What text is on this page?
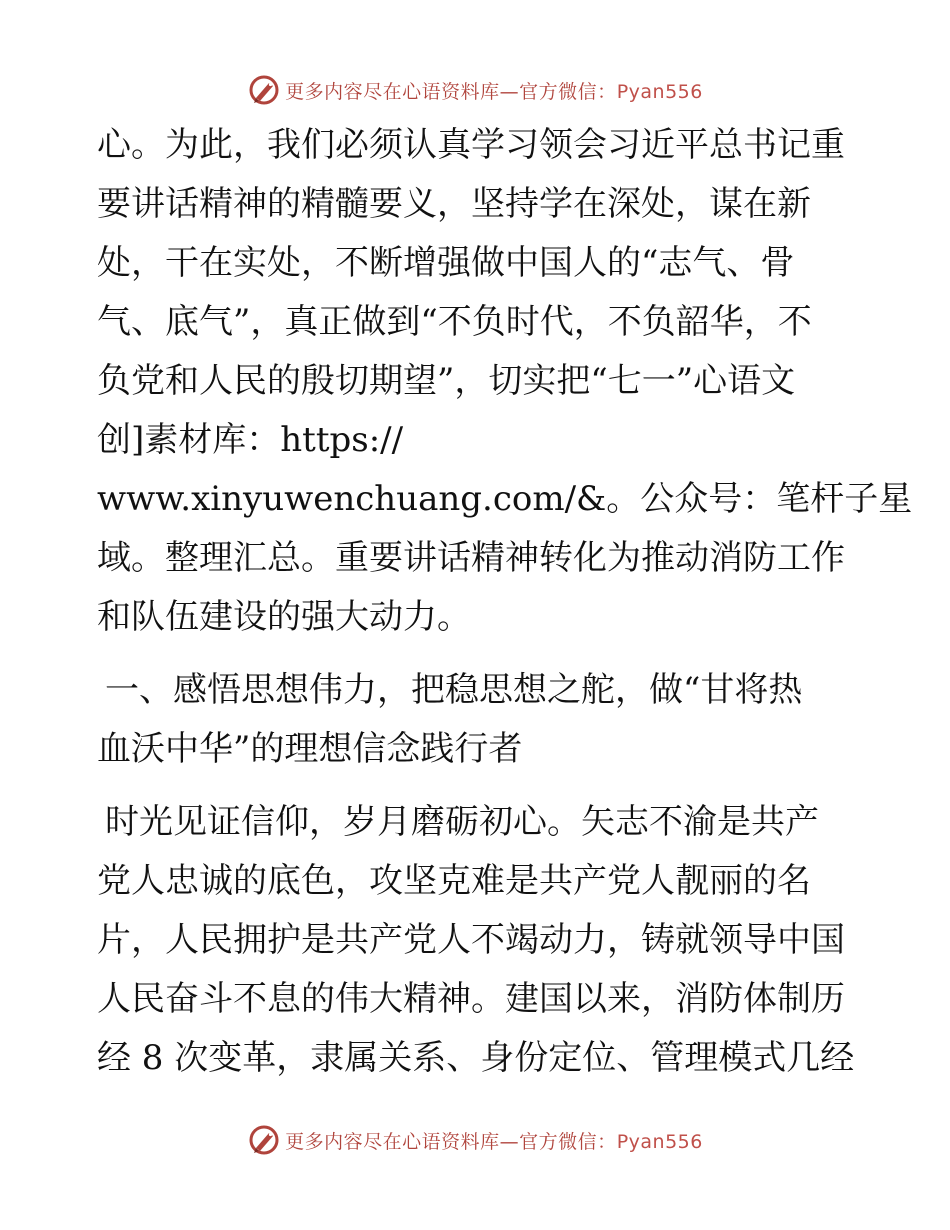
更多内容尽在心语资料库—官方微信：Pyan556
心。为此，我们必须认真学习领会习近平总书记重
要讲话精神的精髓要义，坚持学在深处，谋在新
处，干在实处，不断增强做中国人的“志气、骨
气、底气”，真正做到“不负时代，不负韶华，不
负党和人民的殷切期望”，切实把“七一”心语文
创]素材库：https://
www.xinyuwenchuang.com/&。公众号：笔杆子星
域。整理汇总。重要讲话精神转化为推动消防工作
和队伍建设的强大动力。
一、感悟思想伟力，把稳思想之舵，做“甘将热
血沃中华”的理想信念践行者
时光见证信仰，岁月磨砺初心。矢志不渝是共产
党人忠诚的底色，攻坚克难是共产党人靓丽的名
片，人民拥护是共产党人不竭动力，铸就领导中国
人民奋斗不息的伟大精神。建国以来，消防体制历
经 8 次变革，隶属关系、身份定位、管理模式几经
更多内容尽在心语资料库—官方微信：Pyan556
